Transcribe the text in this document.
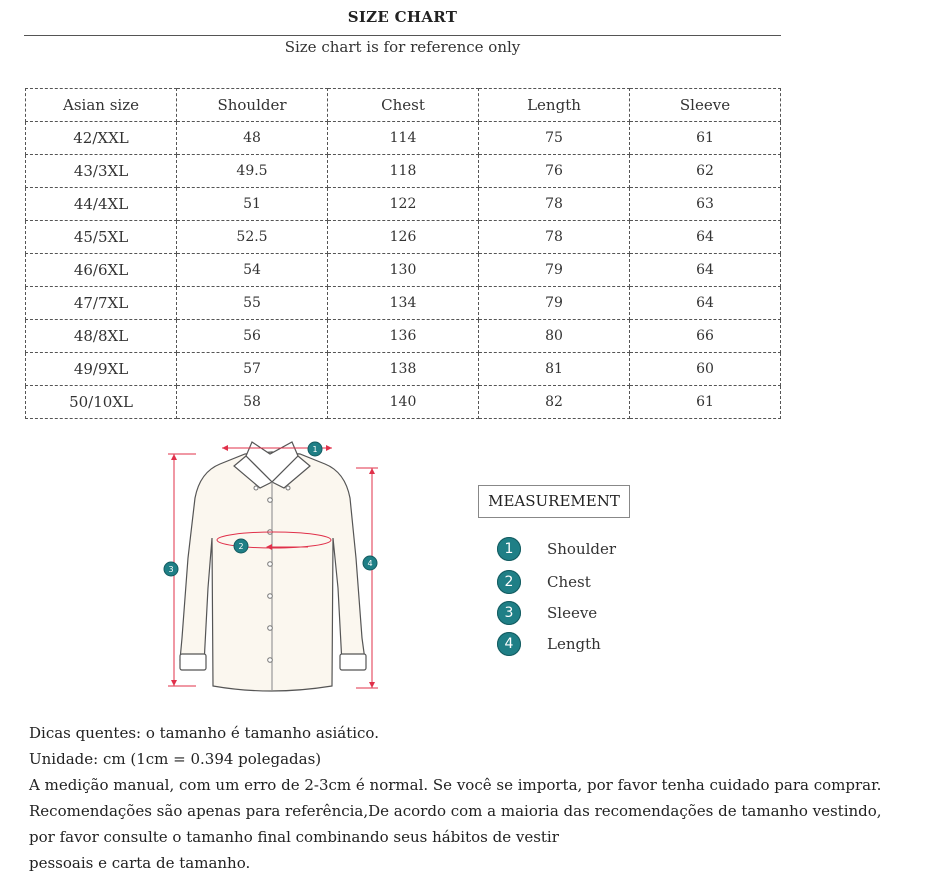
SIZE CHART
Size chart is for reference only
Asian size	Shoulder	Chest	Length	Sleeve
42/XXL	48	114	75	61
43/3XL	49.5	118	76	62
44/4XL	51	122	78	63
45/5XL	52.5	126	78	64
46/6XL	54	130	79	64
47/7XL	55	134	79	64
48/8XL	56	136	80	66
49/9XL	57	138	81	60
50/10XL	58	140	82	61
1
2
3
4
MEASUREMENT
1	Shoulder
2	Chest
3	Sleeve
4	Length
Dicas quentes: o tamanho é tamanho asiático.
Unidade: cm (1cm = 0.394 polegadas)
A medição manual, com um erro de 2-3cm é normal. Se você se importa, por favor tenha cuidado para comprar.
Recomendações são apenas para referência,De acordo com a maioria das recomendações de tamanho vestindo,
por favor consulte o tamanho final combinando seus hábitos de vestir
pessoais e carta de tamanho.
